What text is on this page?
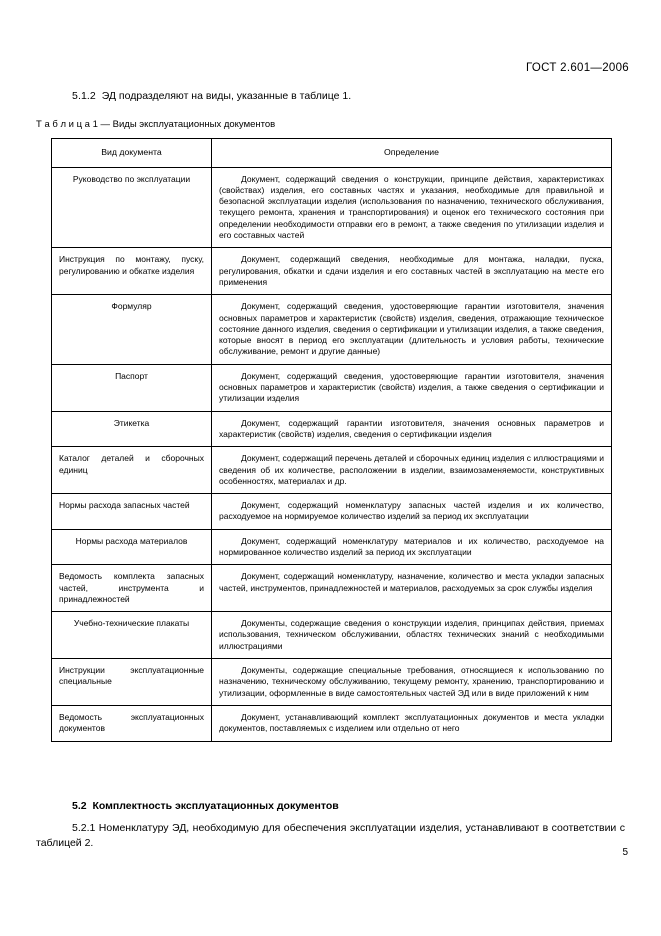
ГОСТ 2.601—2006
5.1.2 ЭД подразделяют на виды, указанные в таблице 1.
Т а б л и ц а 1 — Виды эксплуатационных документов
Вид документа	Определение
Руководство по эксплуатации	Документ, содержащий сведения о конструкции, принципе действия, характеристиках (свойствах) изделия, его составных частях и указания, необходимые для правильной и безопасной эксплуатации изделия (использования по назначению, технического обслуживания, текущего ремонта, хранения и транспортирования) и оценок его технического состояния при определении необходимости отправки его в ремонт, а также сведения по утилизации изделия и его составных частей
Инструкция по монтажу, пуску, регулированию и обкатке изделия	Документ, содержащий сведения, необходимые для монтажа, наладки, пуска, регулирования, обкатки и сдачи изделия и его составных частей в эксплуатацию на месте его применения
Формуляр	Документ, содержащий сведения, удостоверяющие гарантии изготовителя, значения основных параметров и характеристик (свойств) изделия, сведения, отражающие техническое состояние данного изделия, сведения о сертификации и утилизации изделия, а также сведения, которые вносят в период его эксплуатации (длительность и условия работы, технические обслуживание, ремонт и другие данные)
Паспорт	Документ, содержащий сведения, удостоверяющие гарантии изготовителя, значения основных параметров и характеристик (свойств) изделия, а также сведения о сертификации и утилизации изделия
Этикетка	Документ, содержащий гарантии изготовителя, значения основных параметров и характеристик (свойств) изделия, сведения о сертификации изделия
Каталог деталей и сборочных единиц	Документ, содержащий перечень деталей и сборочных единиц изделия с иллюстрациями и сведения об их количестве, расположении в изделии, взаимозаменяемости, конструктивных особенностях, материалах и др.
Нормы расхода запасных частей	Документ, содержащий номенклатуру запасных частей изделия и их количество, расходуемое на нормируемое количество изделий за период их эксплуатации
Нормы расхода материалов	Документ, содержащий номенклатуру материалов и их количество, расходуемое на нормированное количество изделий за период их эксплуатации
Ведомость комплекта запасных частей, инструмента и принадлежностей	Документ, содержащий номенклатуру, назначение, количество и места укладки запасных частей, инструментов, принадлежностей и материалов, расходуемых за срок службы изделия
Учебно-технические плакаты	Документы, содержащие сведения о конструкции изделия, принципах действия, приемах использования, техническом обслуживании, областях технических знаний с необходимыми иллюстрациями
Инструкции эксплуатационные специальные	Документы, содержащие специальные требования, относящиеся к использованию по назначению, техническому обслуживанию, текущему ремонту, хранению, транспортированию и утилизации, оформленные в виде самостоятельных частей ЭД или в виде приложений к ним
Ведомость эксплуатационных документов	Документ, устанавливающий комплект эксплуатационных документов и места укладки документов, поставляемых с изделием или отдельно от него
5.2 Комплектность эксплуатационных документов
5.2.1 Номенклатуру ЭД, необходимую для обеспечения эксплуатации изделия, устанавливают в соответствии с таблицей 2.
5
